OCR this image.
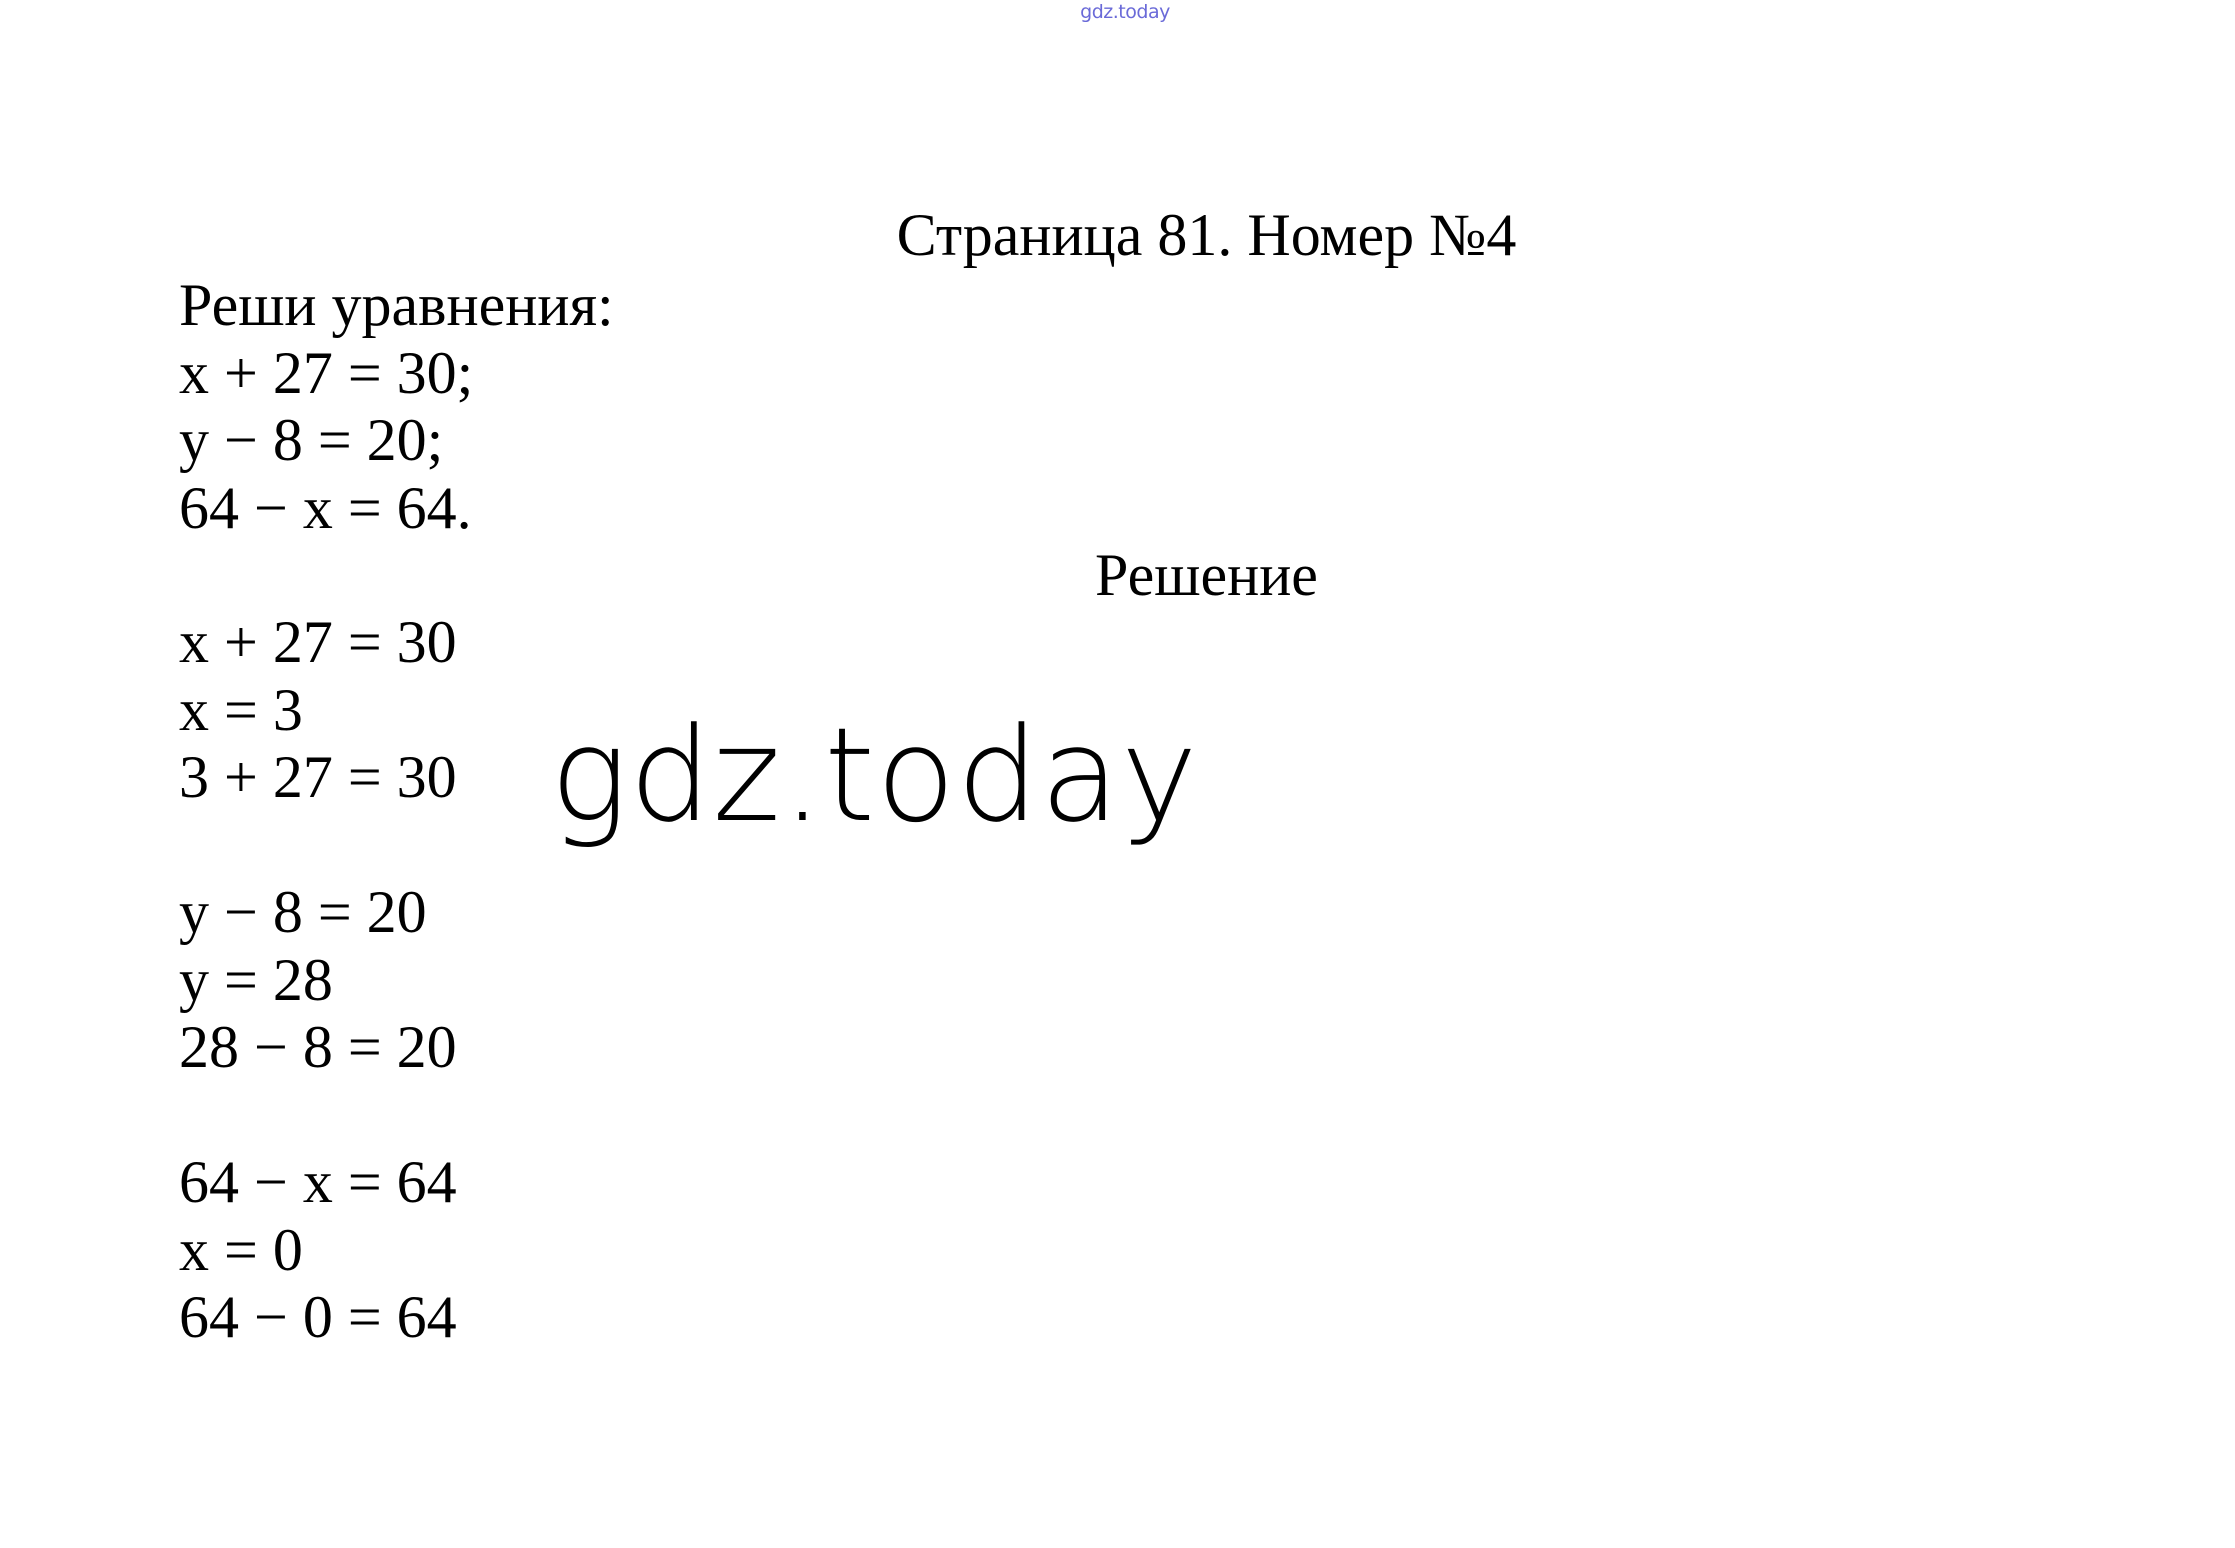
gdz.today
Страница 81. Номер №4
Реши уравнения:
x + 27 = 30;
y − 8 = 20;
64 − x = 64.
Решение
x + 27 = 30
x = 3
3 + 27 = 30 gdz.today
y − 8 = 20
y = 28
28 − 8 = 20
64 − x = 64
x = 0
64 − 0 = 64
